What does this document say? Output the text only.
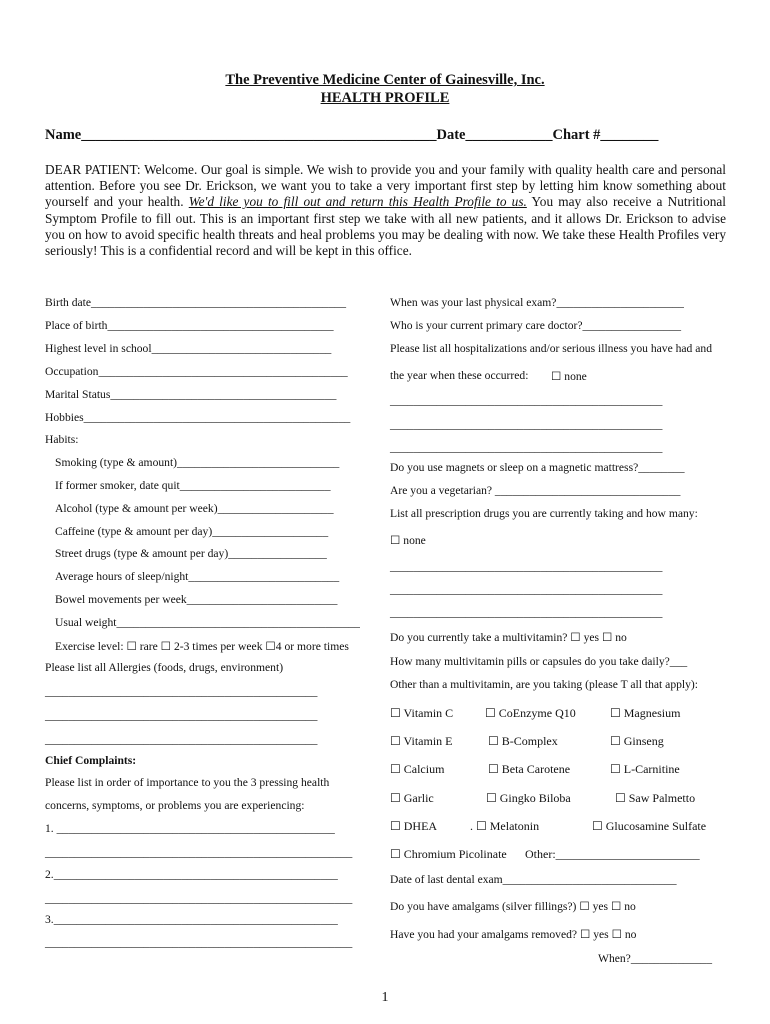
The Preventive Medicine Center of Gainesville, Inc.
HEALTH PROFILE
Name_________________________________________________Date____________Chart #________
DEAR PATIENT: Welcome. Our goal is simple. We wish to provide you and your family with quality health care and personal attention. Before you see Dr. Erickson, we want you to take a very important first step by letting him know something about yourself and your health. We'd like you to fill out and return this Health Profile to us. You may also receive a Nutritional Symptom Profile to fill out. This is an important first step we take with all new patients, and it allows Dr. Erickson to advise you on how to avoid specific health threats and heal problems you may be dealing with now. We take these Health Profiles very seriously! This is a confidential record and will be kept in this office.
Birth date____________________________________________
Place of birth_______________________________________
Highest level in school_______________________________
Occupation___________________________________________
Marital Status_______________________________________
Hobbies______________________________________________
Habits:
Smoking (type & amount)____________________________
If former smoker, date quit__________________________
Alcohol (type & amount per week)____________________
Caffeine (type & amount per day)____________________
Street drugs (type & amount per day)_________________
Average hours of sleep/night__________________________
Bowel movements per week__________________________
Usual weight__________________________________________
Exercise level: ☐ rare ☐ 2-3 times per week ☐4 or more times
Please list all Allergies (foods, drugs, environment)
_______________________________________________
_______________________________________________
_______________________________________________
Chief Complaints:
Please list in order of importance to you the 3 pressing health
concerns, symptoms, or problems you are experiencing:
1. ________________________________________________
_____________________________________________________
2._________________________________________________
_____________________________________________________
3._________________________________________________
_____________________________________________________
When was your last physical exam?______________________
Who is your current primary care doctor?_________________
Please list all hospitalizations and/or serious illness you have had and
the year when these occurred: ☐ none
_______________________________________________
_______________________________________________
_______________________________________________
Do you use magnets or sleep on a magnetic mattress?________
Are you a vegetarian? ________________________________
List all prescription drugs you are currently taking and how many:
☐ none
_______________________________________________
_______________________________________________
_______________________________________________
Do you currently take a multivitamin? ☐ yes ☐ no
How many multivitamin pills or capsules do you take daily?___
Other than a multivitamin, are you taking (please T all that apply):
☐ Vitamin C	☐ CoEnzyme Q10	☐ Magnesium
☐ Vitamin E	☐ B-Complex	☐ Ginseng
☐ Calcium	☐ Beta Carotene	☐ L-Carnitine
☐ Garlic	☐ Gingko Biloba	☐ Saw Palmetto
☐ DHEA	. ☐ Melatonin	☐ Glucosamine Sulfate
☐ Chromium Picolinate Other:________________________
Date of last dental exam______________________________
Do you have amalgams (silver fillings?) ☐ yes ☐ no
Have you had your amalgams removed? ☐ yes ☐ no
When?______________
1
